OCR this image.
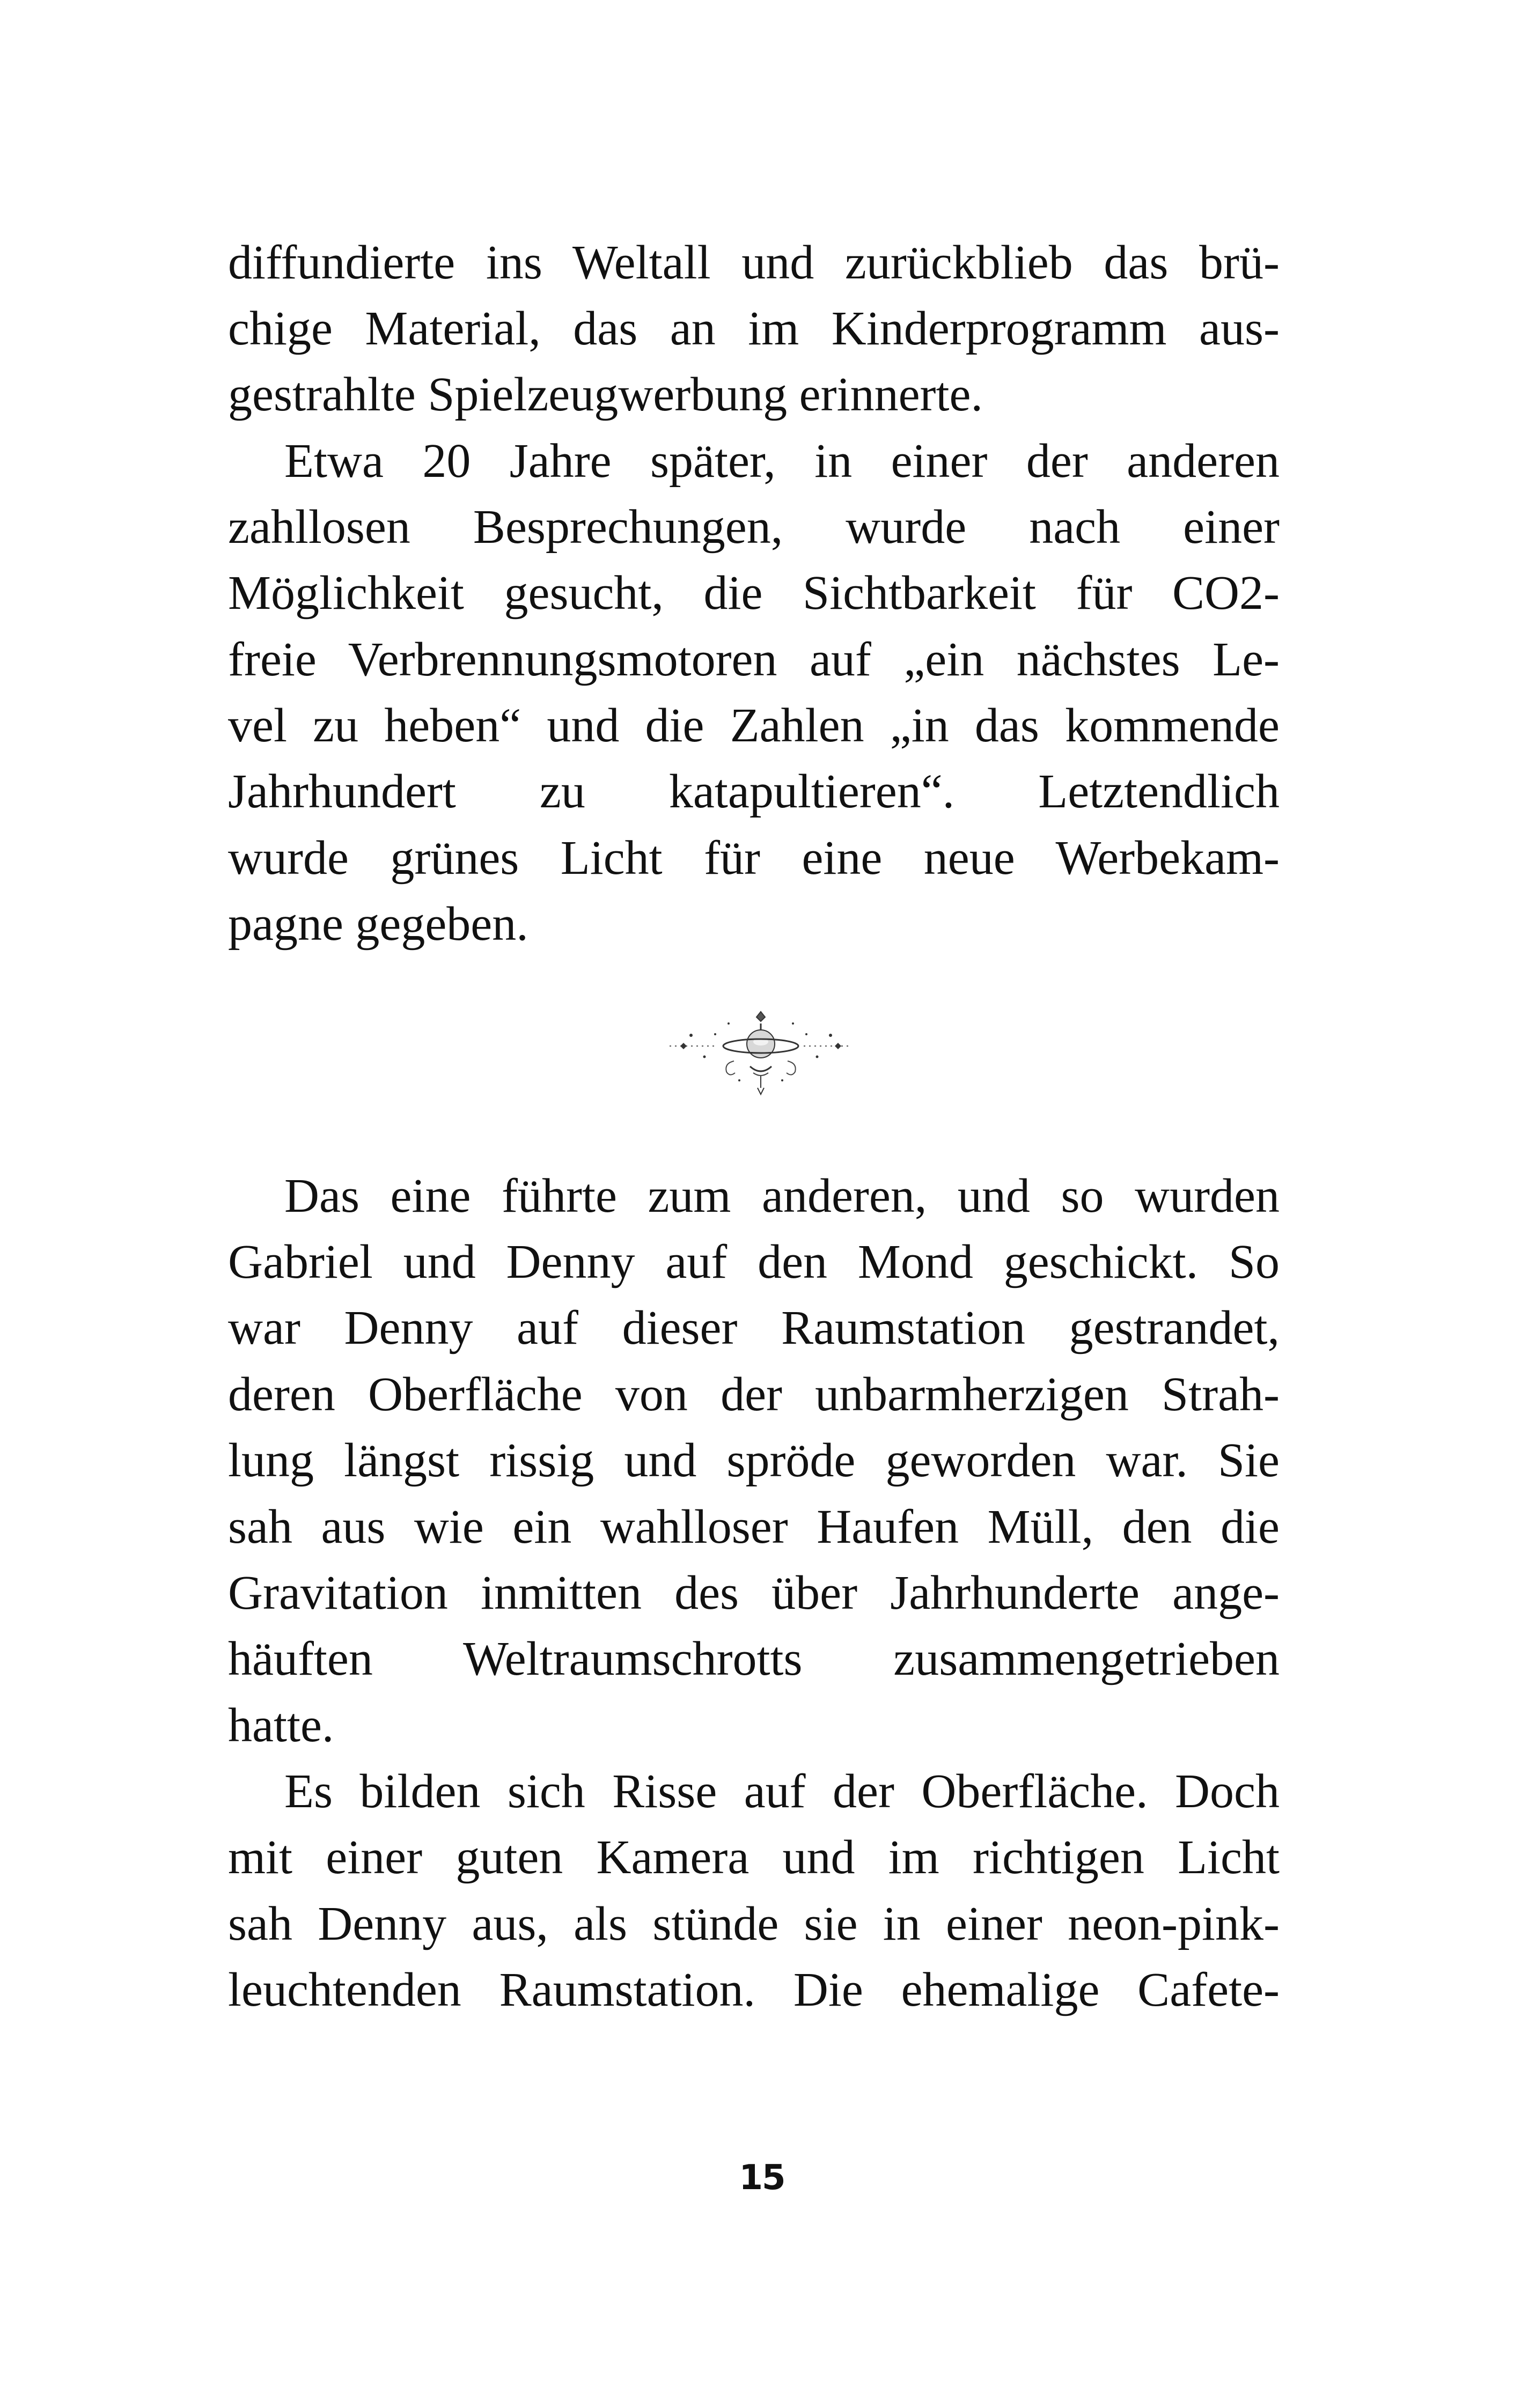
diffundierte ins Weltall und zurückblieb das brü-
chige Material, das an im Kinderprogramm aus-
gestrahlte Spielzeugwerbung erinnerte.
Etwa 20 Jahre später, in einer der anderen
zahllosen Besprechungen, wurde nach einer
Möglichkeit gesucht, die Sichtbarkeit für CO2-
freie Verbrennungsmotoren auf „ein nächstes Le-
vel zu heben“ und die Zahlen „in das kommende
Jahrhundert zu katapultieren“. Letztendlich
wurde grünes Licht für eine neue Werbekam-
pagne gegeben.
Das eine führte zum anderen, und so wurden
Gabriel und Denny auf den Mond geschickt. So
war Denny auf dieser Raumstation gestrandet,
deren Oberfläche von der unbarmherzigen Strah-
lung längst rissig und spröde geworden war. Sie
sah aus wie ein wahlloser Haufen Müll, den die
Gravitation inmitten des über Jahrhunderte ange-
häuften Weltraumschrotts zusammengetrieben
hatte.
Es bilden sich Risse auf der Oberfläche. Doch
mit einer guten Kamera und im richtigen Licht
sah Denny aus, als stünde sie in einer neon-pink-
leuchtenden Raumstation. Die ehemalige Cafete-
15
